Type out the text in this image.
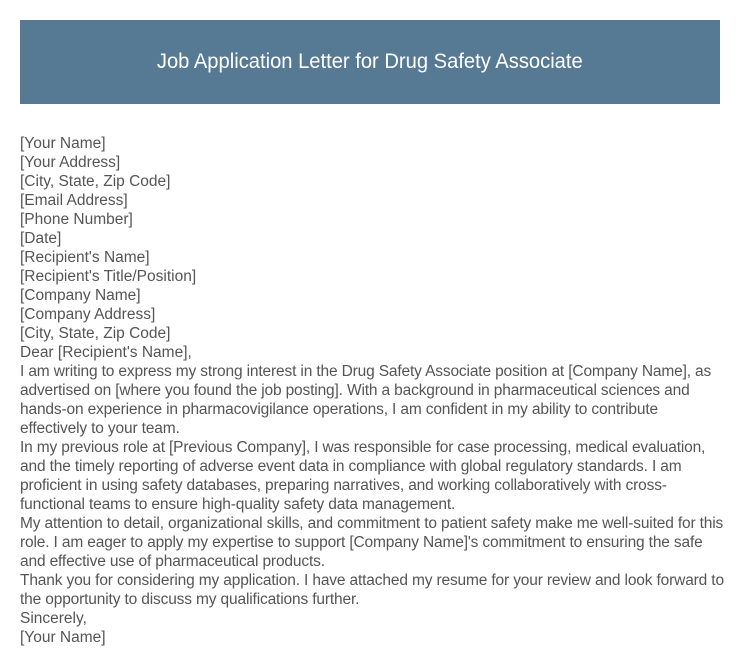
Job Application Letter for Drug Safety Associate

[Your Name]

[Your Address]

[City, State, Zip Code]

[Email Address]

[Phone Number]

[Date]

[Recipient's Name]

[Recipient's Title/Position]

[Company Name]

[Company Address]

[City, State, Zip Code]

Dear [Recipient's Name],

I am writing to express my strong interest in the Drug Safety Associate position at [Company Name], as advertised on [where you found the job posting]. With a background in pharmaceutical sciences and hands-on experience in pharmacovigilance operations, I am confident in my ability to contribute effectively to your team.

In my previous role at [Previous Company], I was responsible for case processing, medical evaluation, and the timely reporting of adverse event data in compliance with global regulatory standards. I am proficient in using safety databases, preparing narratives, and working collaboratively with cross-functional teams to ensure high-quality safety data management.

My attention to detail, organizational skills, and commitment to patient safety make me well-suited for this role. I am eager to apply my expertise to support [Company Name]'s commitment to ensuring the safe and effective use of pharmaceutical products.

Thank you for considering my application. I have attached my resume for your review and look forward to the opportunity to discuss my qualifications further.

Sincerely,

[Your Name]
